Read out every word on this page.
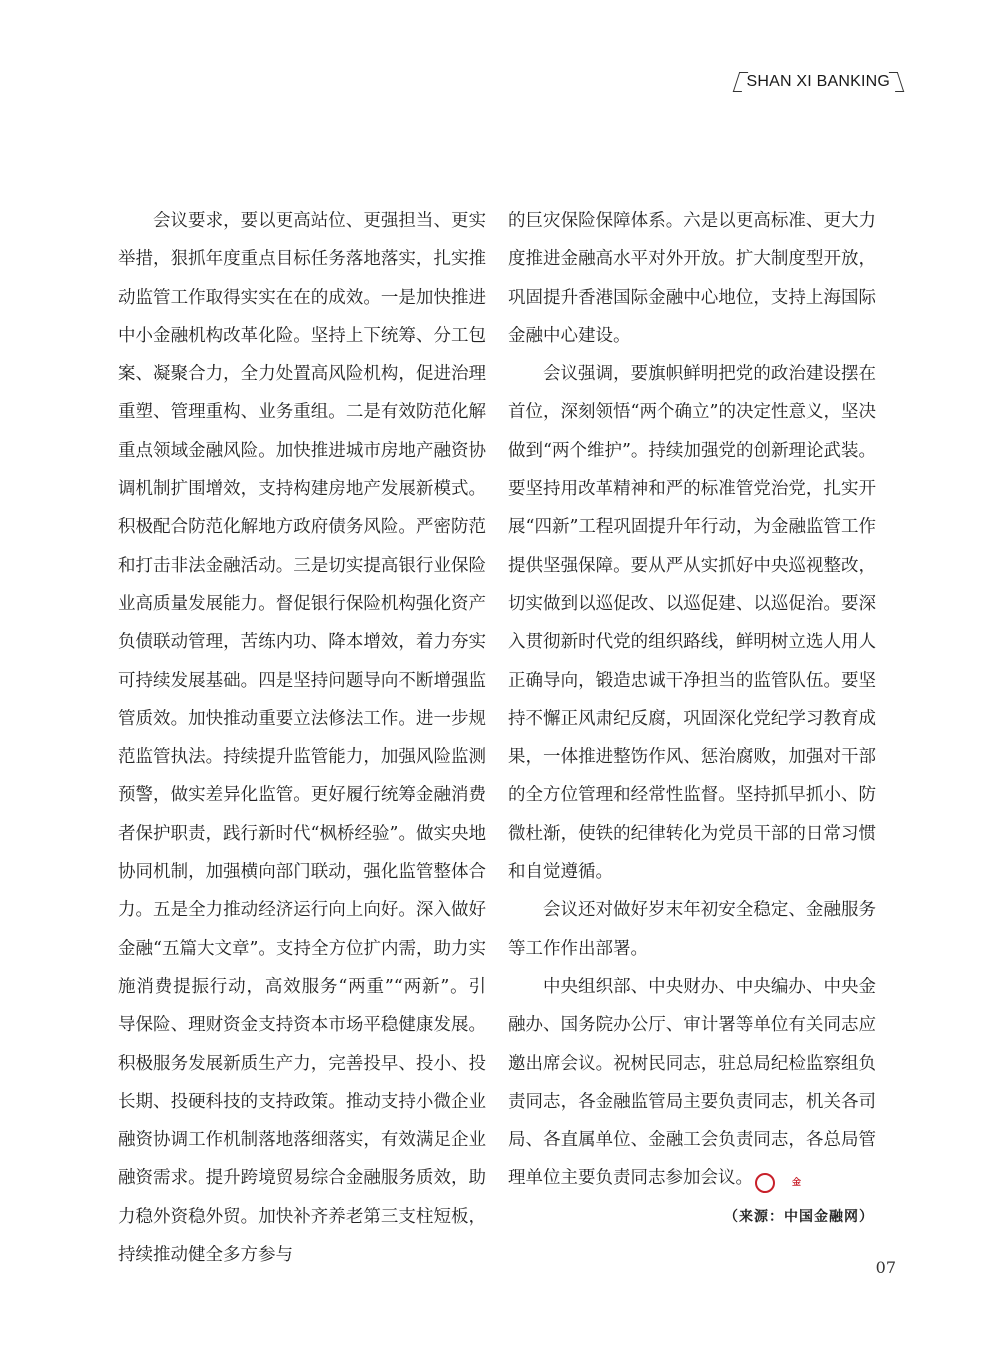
SHAN XI BANKING

会议要求，要以更高站位、更强担当、更实举措，狠抓年度重点目标任务落地落实，扎实推动监管工作取得实实在在的成效。一是加快推进中小金融机构改革化险。坚持上下统筹、分工包案、凝聚合力，全力处置高风险机构，促进治理重塑、管理重构、业务重组。二是有效防范化解重点领域金融风险。加快推进城市房地产融资协调机制扩围增效，支持构建房地产发展新模式。积极配合防范化解地方政府债务风险。严密防范和打击非法金融活动。三是切实提高银行业保险业高质量发展能力。督促银行保险机构强化资产负债联动管理，苦练内功、降本增效，着力夯实可持续发展基础。四是坚持问题导向不断增强监管质效。加快推动重要立法修法工作。进一步规范监管执法。持续提升监管能力，加强风险监测预警，做实差异化监管。更好履行统筹金融消费者保护职责，践行新时代“枫桥经验”。做实央地协同机制，加强横向部门联动，强化监管整体合力。五是全力推动经济运行向上向好。深入做好金融“五篇大文章”。支持全方位扩内需，助力实施消费提振行动，高效服务“两重”“两新”。引导保险、理财资金支持资本市场平稳健康发展。积极服务发展新质生产力，完善投早、投小、投长期、投硬科技的支持政策。推动支持小微企业融资协调工作机制落地落细落实，有效满足企业融资需求。提升跨境贸易综合金融服务质效，助力稳外资稳外贸。加快补齐养老第三支柱短板，持续推动健全多方参与

的巨灾保险保障体系。六是以更高标准、更大力度推进金融高水平对外开放。扩大制度型开放，巩固提升香港国际金融中心地位，支持上海国际金融中心建设。

会议强调，要旗帜鲜明把党的政治建设摆在首位，深刻领悟“两个确立”的决定性意义，坚决做到“两个维护”。持续加强党的创新理论武装。要坚持用改革精神和严的标准管党治党，扎实开展“四新”工程巩固提升年行动，为金融监管工作提供坚强保障。要从严从实抓好中央巡视整改，切实做到以巡促改、以巡促建、以巡促治。要深入贯彻新时代党的组织路线，鲜明树立选人用人正确导向，锻造忠诚干净担当的监管队伍。要坚持不懈正风肃纪反腐，巩固深化党纪学习教育成果，一体推进整饬作风、惩治腐败，加强对干部的全方位管理和经常性监督。坚持抓早抓小、防微杜渐，使铁的纪律转化为党员干部的日常习惯和自觉遵循。

会议还对做好岁末年初安全稳定、金融服务等工作作出部署。

中央组织部、中央财办、中央编办、中央金融办、国务院办公厅、审计署等单位有关同志应邀出席会议。祝树民同志，驻总局纪检监察组负责同志，各金融监管局主要负责同志，机关各司局、各直属单位、金融工会负责同志，各总局管理单位主要负责同志参加会议。	金

（来源：中国金融网）
07
